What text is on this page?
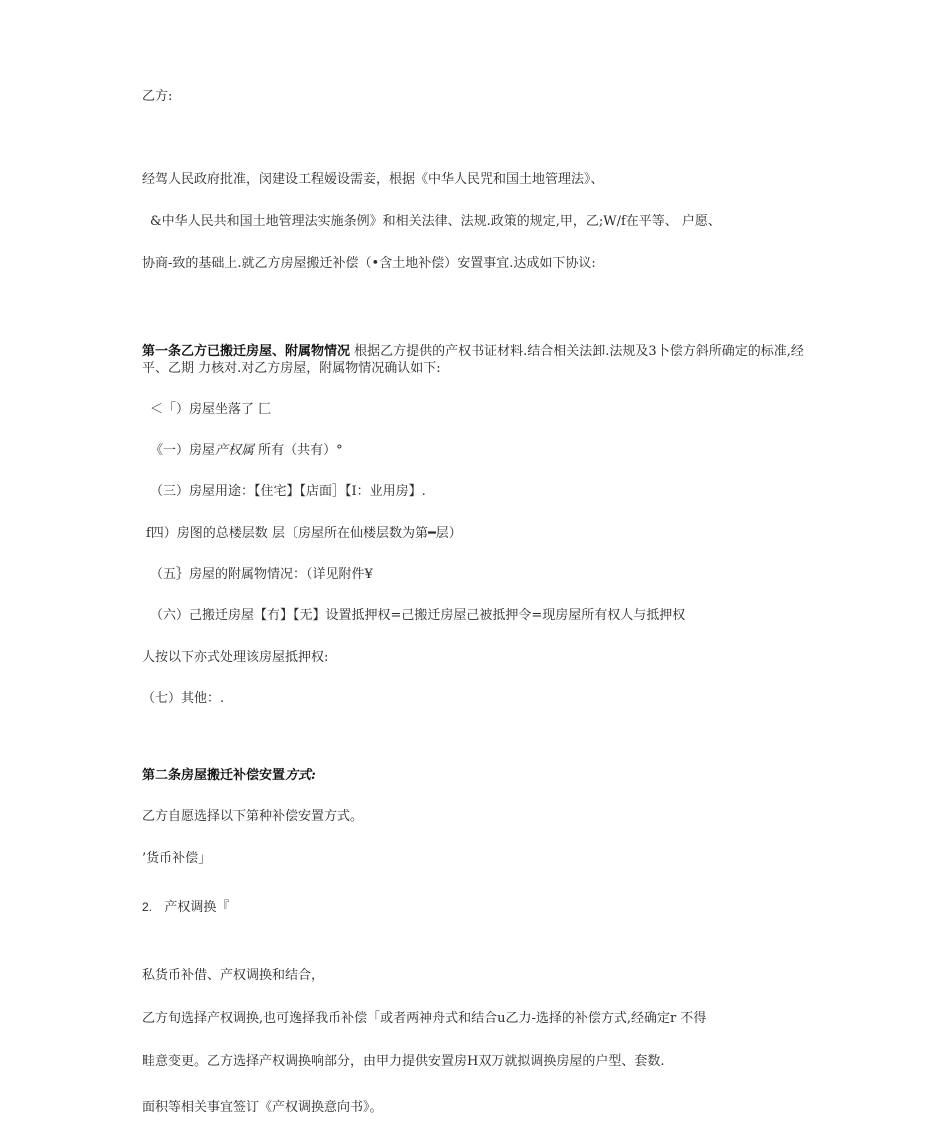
乙方:
经驾人民政府批准，闵建设工程嫒设需妾，根据《中华人民咒和国土地管理法》、
&中华人民共和国土地管理法实施条例》和相关法律、法规.政策的规定,甲，乙;W/f在平等、 户愿、
协商-致的基础上.就乙方房屋搬迁补偿（•含土地补偿）安置事宜.达成如下协议:
第一条乙方已搬迁房屋、附属物情况 根据乙方提供的产权书证材料.结合相关法卸.法规及3卜偿方斜所确定的标准,经平、乙期 力核对.对乙方房屋，附属物情况确认如下:
＜「）房屋坐落了 匚
《一）房屋产权属 所有（共有）°
（三）房屋用途：【住宅】【店面］【I：业用房】.
f四）房图的总楼层数 层〔房屋所在仙楼层数为第━层）
（五｝房屋的附属物情况：（详见附件¥
（六）己搬迁房屋【冇】【无】设置抵押权=己搬迁房屋己被抵押令=现房屋所有权人与抵押权
人按以下亦式处理该房屋抵押权:
（七）其他：.
第二条房屋搬迁补偿安置方式:
乙方自愿选择以下第种补偿安置方式。
’货币补偿」
2. 产权调换『
私货币补借、产权调换和结合，
乙方旬选择产权调换,也可逸择我币补偿「或者两神舟式和结合u乙力-选择的补偿方式,经确定r 不得
畦意变更。乙方选择产权调换响部分，由甲力提供安置房H双万就拟调换房屋的户型、套数.
面积等相关事宜签订《产权调换意向书》。
